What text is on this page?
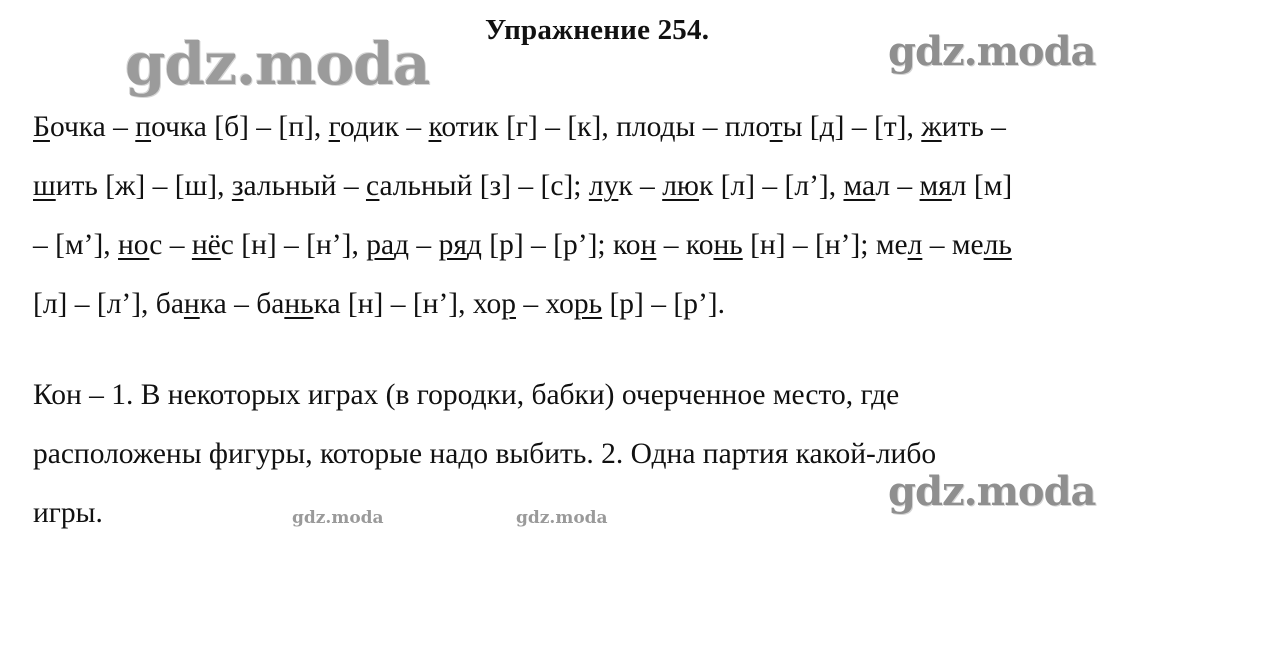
Упражнение 254.

Бочка – почка [б] – [п], годик – котик [г] – [к], плоды – плоты [д] – [т], жить –
шить [ж] – [ш], зальный – сальный [з] – [с]; лук – люк [л] – [л’], мал – мял [м]
– [м’], нос – нёс [н] – [н’], рад – ряд [р] – [р’]; кон – конь [н] – [н’]; мел – мель
[л] – [л’], банка – банька [н] – [н’], хор – хорь [р] – [р’].

Кон – 1. В некоторых играх (в городки, бабки) очерченное место, где
расположены фигуры, которые надо выбить. 2. Одна партия какой-либо
игры.

gdz.moda	gdz.moda
gdz.moda
gdz.moda	gdz.moda
